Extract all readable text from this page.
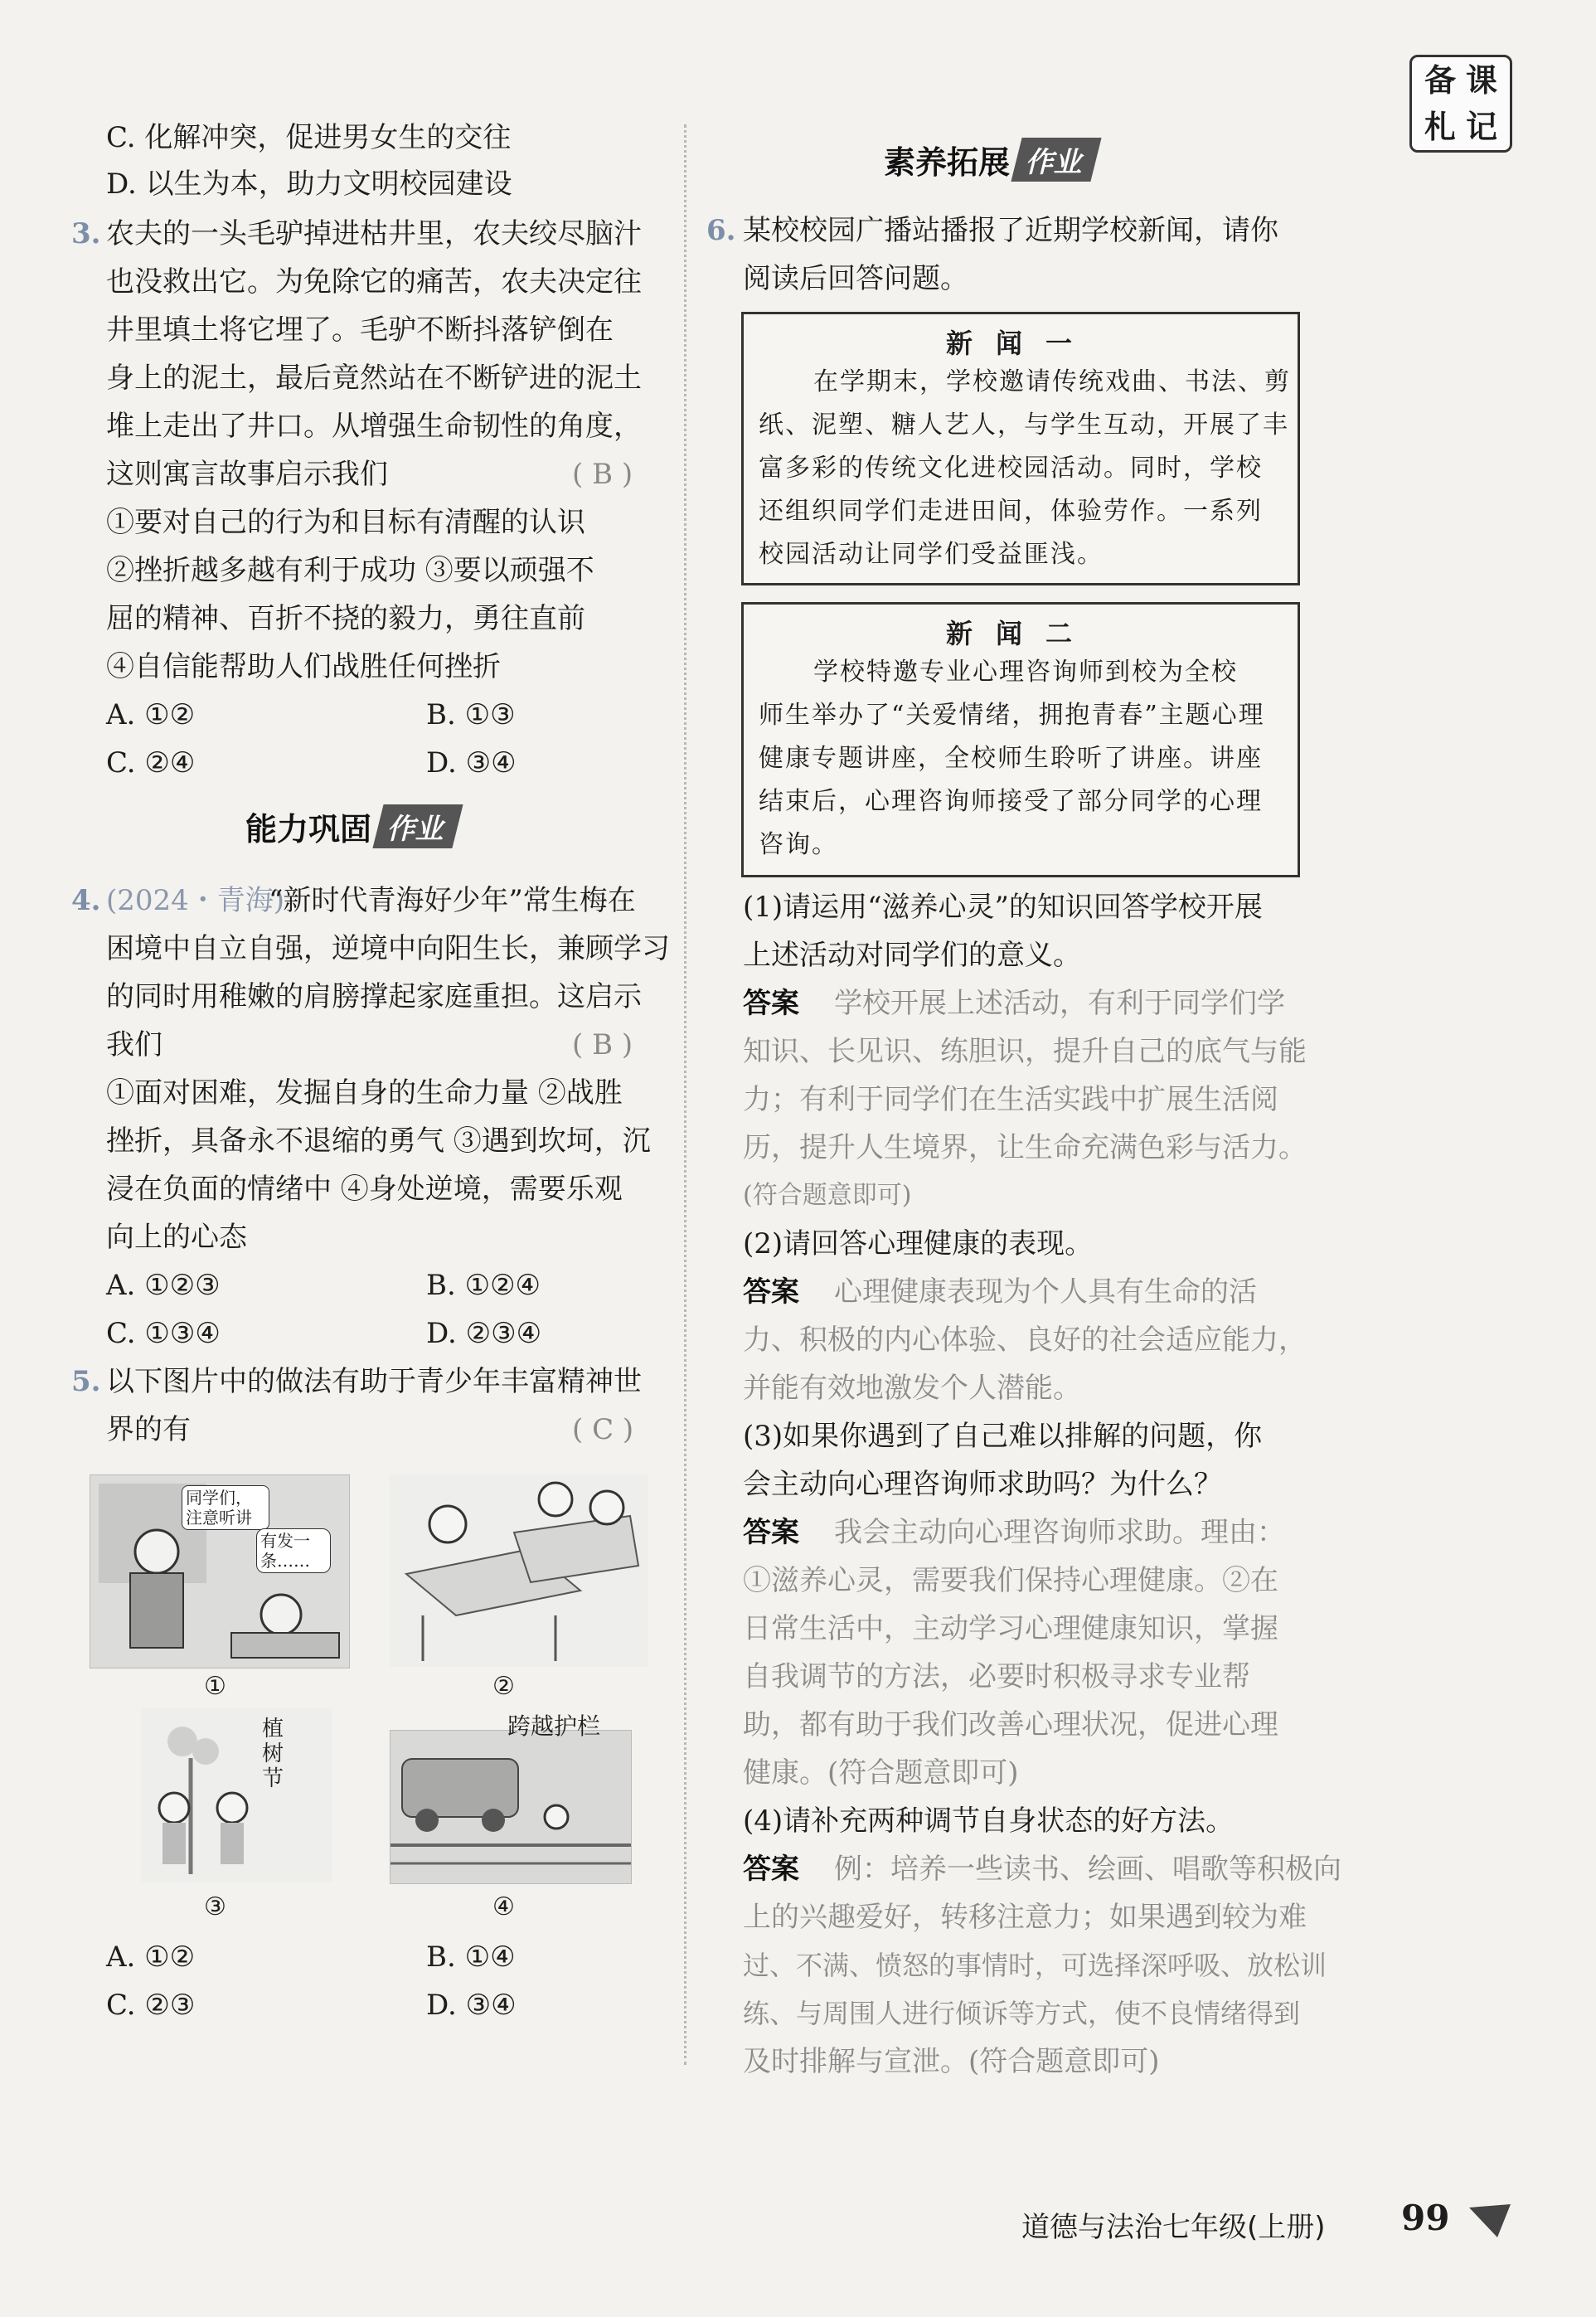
备 课
札 记
C. 化解冲突，促进男女生的交往
D. 以生为本，助力文明校园建设
3. 农夫的一头毛驴掉进枯井里，农夫绞尽脑汁
也没救出它。为免除它的痛苦，农夫决定往
井里填土将它埋了。毛驴不断抖落铲倒在
身上的泥土，最后竟然站在不断铲进的泥土
堆上走出了井口。从增强生命韧性的角度，
这则寓言故事启示我们	( B )
①要对自己的行为和目标有清醒的认识
②挫折越多越有利于成功 ③要以顽强不
屈的精神、百折不挠的毅力，勇往直前
④自信能帮助人们战胜任何挫折
A. ①②	B. ①③
C. ②④	D. ③④
能力巩固 作业
4. (2024・青海)
“新时代青海好少年”常生梅在
困境中自立自强，逆境中向阳生长，兼顾学习
的同时用稚嫩的肩膀撑起家庭重担。这启示
我们	( B )
①面对困难，发掘自身的生命力量 ②战胜
挫折，具备永不退缩的勇气 ③遇到坎坷，沉
浸在负面的情绪中 ④身处逆境，需要乐观
向上的心态
A. ①②③	B. ①②④
C. ①③④	D. ②③④
5. 以下图片中的做法有助于青少年丰富精神世
界的有	( C )
同学们，注意听讲
有发一条……
①	②
植树节
③
跨越护栏
④
A. ①②	B. ①④
C. ②③	D. ③④
素养拓展 作业
6. 某校校园广播站播报了近期学校新闻，请你
阅读后回答问题。
新闻一
在学期末，学校邀请传统戏曲、书法、剪
纸、泥塑、糖人艺人，与学生互动，开展了丰
富多彩的传统文化进校园活动。同时，学校
还组织同学们走进田间，体验劳作。一系列
校园活动让同学们受益匪浅。
新闻二
学校特邀专业心理咨询师到校为全校
师生举办了“关爱情绪，拥抱青春”主题心理
健康专题讲座，全校师生聆听了讲座。讲座
结束后，心理咨询师接受了部分同学的心理
咨询。
(1)请运用“滋养心灵”的知识回答学校开展
上述活动对同学们的意义。
答案 学校开展上述活动，有利于同学们学
知识、长见识、练胆识，提升自己的底气与能
力；有利于同学们在生活实践中扩展生活阅
历，提升人生境界，让生命充满色彩与活力。
(符合题意即可)
(2)请回答心理健康的表现。
答案 心理健康表现为个人具有生命的活
力、积极的内心体验、良好的社会适应能力，
并能有效地激发个人潜能。
(3)如果你遇到了自己难以排解的问题，你
会主动向心理咨询师求助吗？为什么？
答案 我会主动向心理咨询师求助。理由：
①滋养心灵，需要我们保持心理健康。②在
日常生活中，主动学习心理健康知识，掌握
自我调节的方法，必要时积极寻求专业帮
助，都有助于我们改善心理状况，促进心理
健康。(符合题意即可)
(4)请补充两种调节自身状态的好方法。
答案 例：培养一些读书、绘画、唱歌等积极向
上的兴趣爱好，转移注意力；如果遇到较为难
过、不满、愤怒的事情时，可选择深呼吸、放松训
练、与周围人进行倾诉等方式，使不良情绪得到
及时排解与宣泄。(符合题意即可)
道德与法治七年级(上册) 99
